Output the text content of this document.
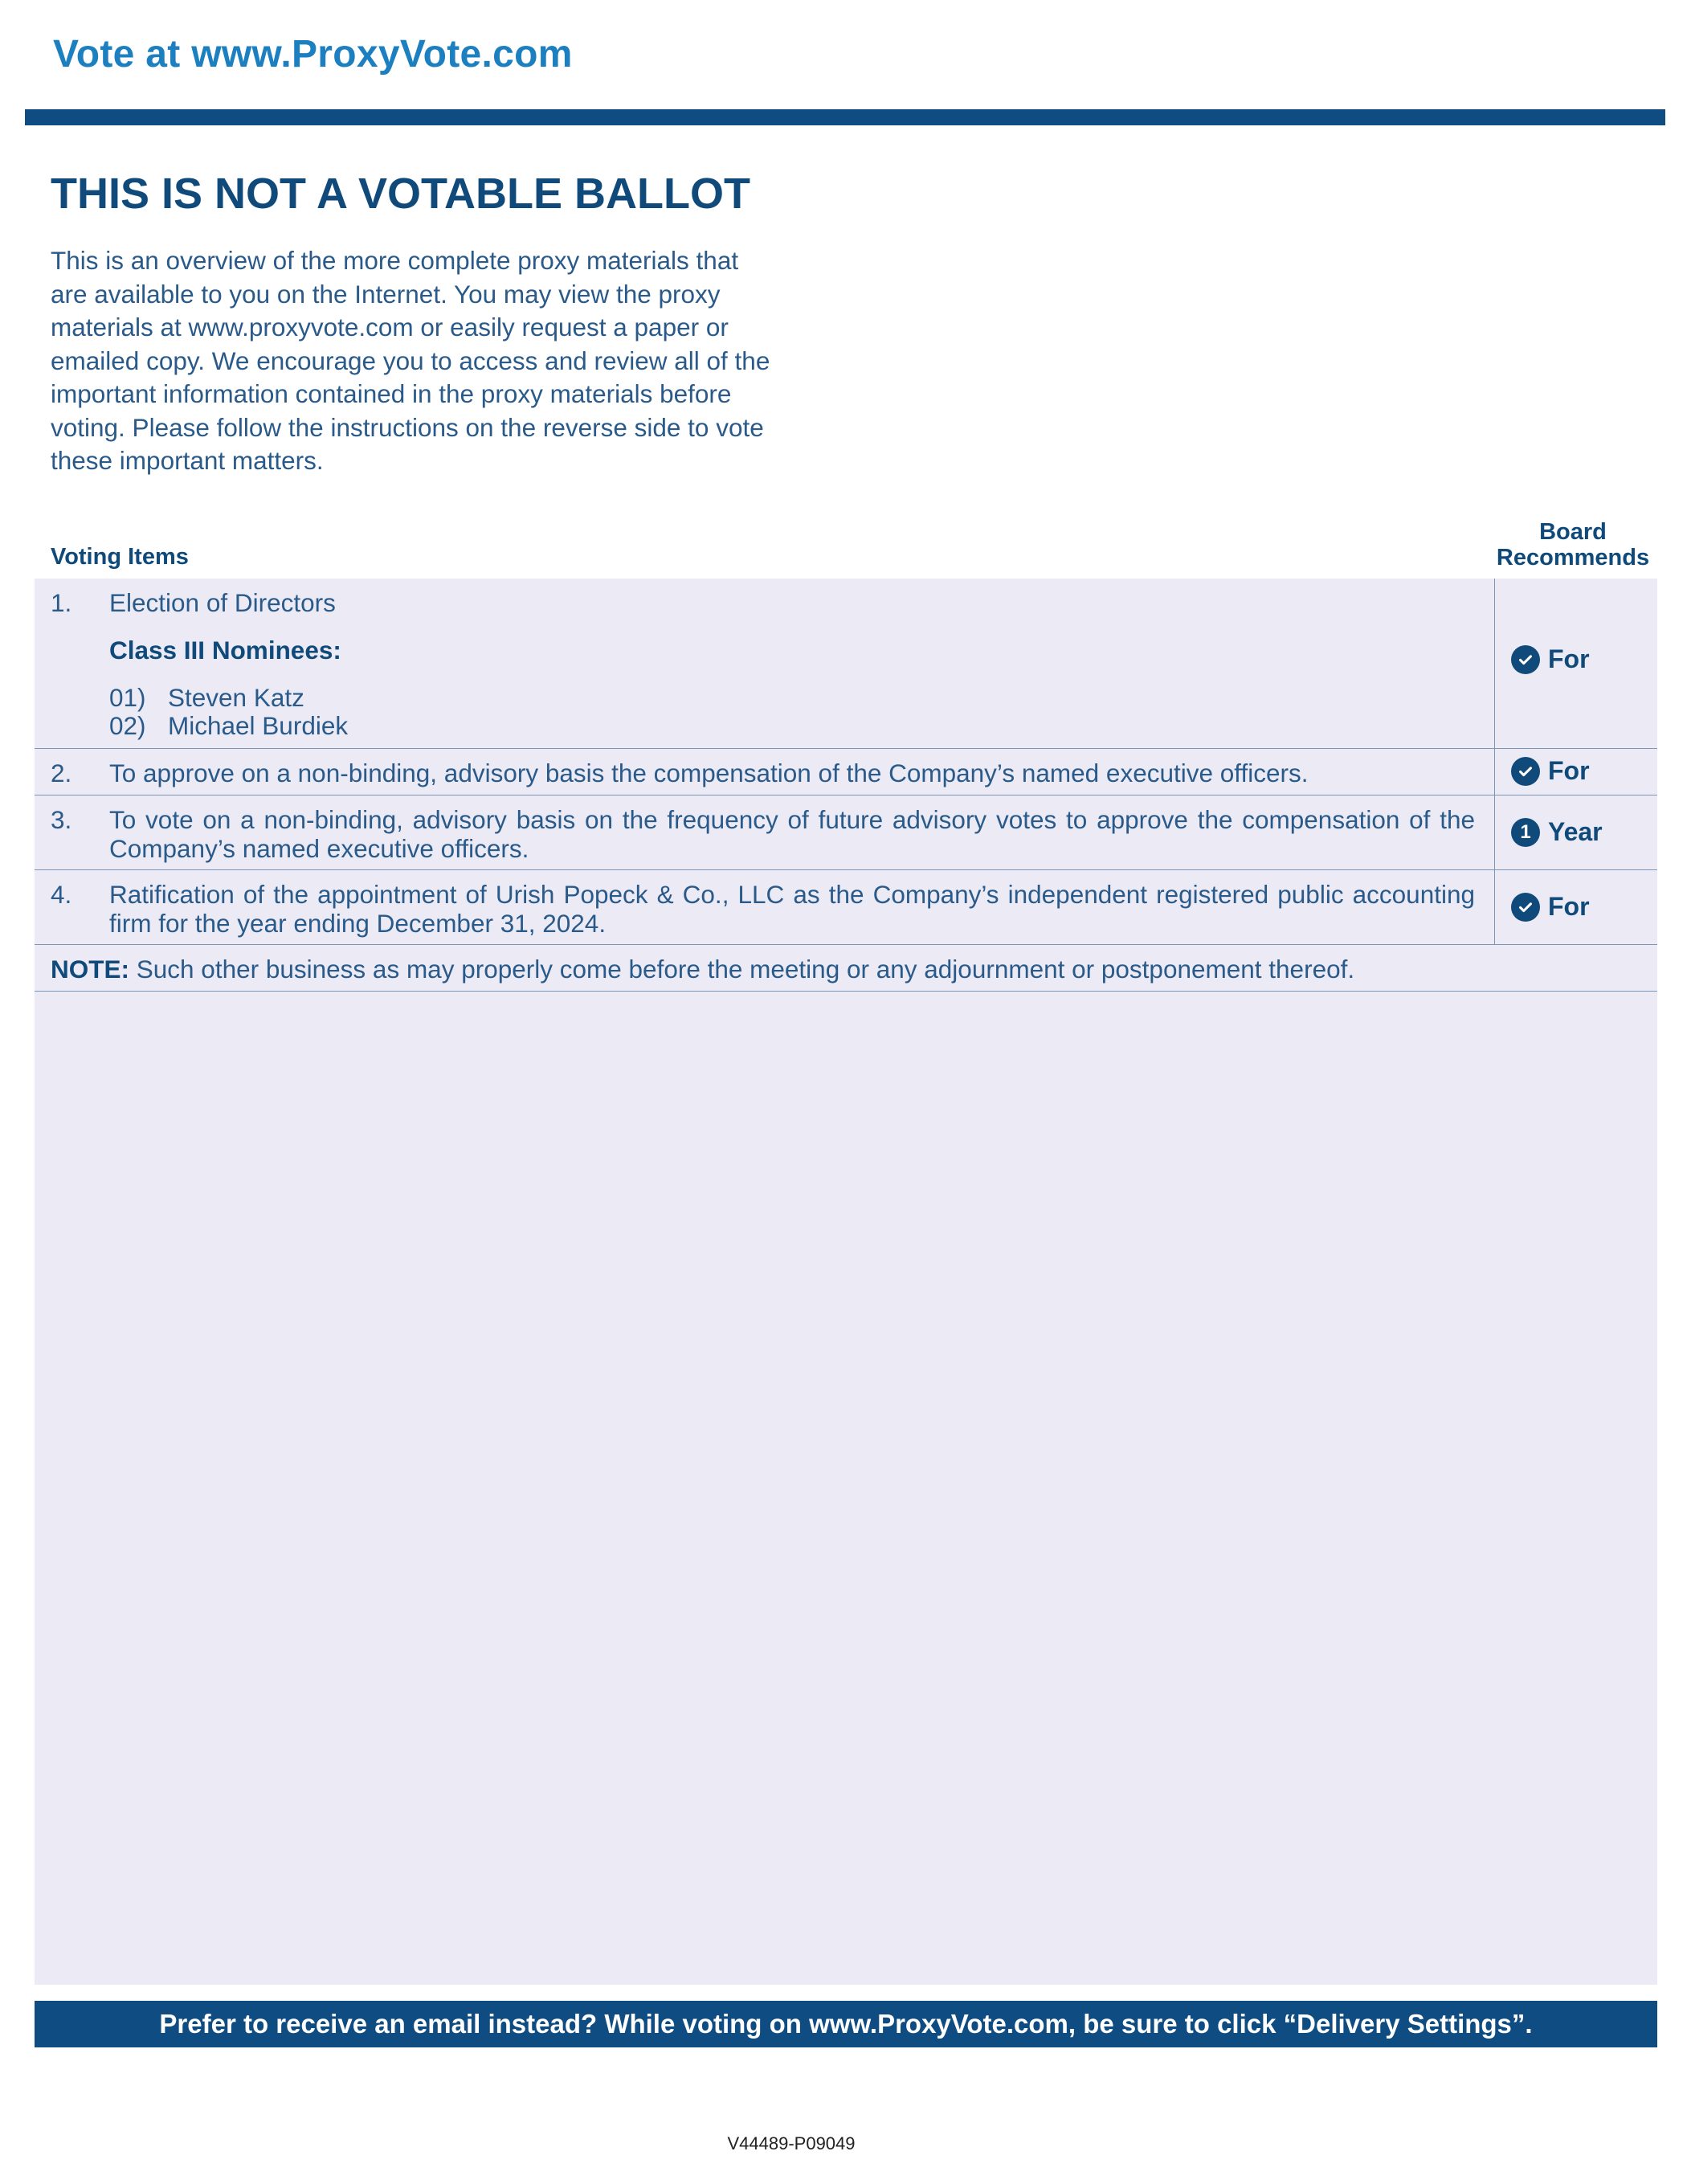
Vote at www.ProxyVote.com
THIS IS NOT A VOTABLE BALLOT
This is an overview of the more complete proxy materials that
are available to you on the Internet. You may view the proxy
materials at www.proxyvote.com or easily request a paper or
emailed copy. We encourage you to access and review all of the
important information contained in the proxy materials before
voting. Please follow the instructions on the reverse side to vote
these important matters.
Voting Items
Board
Recommends
1. Election of Directors
Class III Nominees:
01) Steven Katz
02) Michael Burdiek
For
2. To approve on a non-binding, advisory basis the compensation of the Company’s named executive officers.	For
3. To vote on a non-binding, advisory basis on the frequency of future advisory votes to approve the compensation of the Company’s named executive officers.
1 Year
4. Ratification of the appointment of Urish Popeck & Co., LLC as the Company’s independent registered public accounting firm for the year ending December 31, 2024.
For
NOTE: Such other business as may properly come before the meeting or any adjournment or postponement thereof.
Prefer to receive an email instead? While voting on www.ProxyVote.com, be sure to click “Delivery Settings”.
V44489-P09049
